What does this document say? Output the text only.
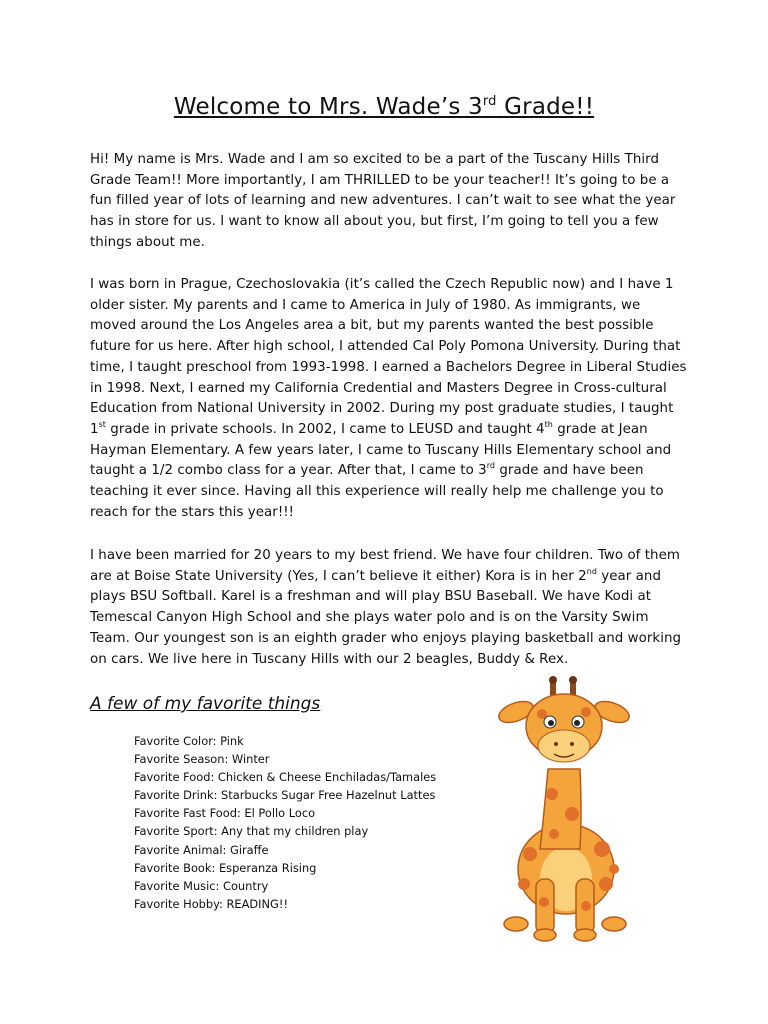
Welcome to Mrs. Wade’s 3rd Grade!!

Hi! My name is Mrs. Wade and I am so excited to be a part of the Tuscany Hills Third Grade Team!! More importantly, I am THRILLED to be your teacher!! It’s going to be a fun filled year of lots of learning and new adventures. I can’t wait to see what the year has in store for us. I want to know all about you, but first, I’m going to tell you a few things about me.

I was born in Prague, Czechoslovakia (it’s called the Czech Republic now) and I have 1 older sister. My parents and I came to America in July of 1980. As immigrants, we moved around the Los Angeles area a bit, but my parents wanted the best possible future for us here. After high school, I attended Cal Poly Pomona University. During that time, I taught preschool from 1993-1998. I earned a Bachelors Degree in Liberal Studies in 1998. Next, I earned my California Credential and Masters Degree in Cross-cultural Education from National University in 2002. During my post graduate studies, I taught 1st grade in private schools. In 2002, I came to LEUSD and taught 4th grade at Jean Hayman Elementary. A few years later, I came to Tuscany Hills Elementary school and taught a 1/2 combo class for a year. After that, I came to 3rd grade and have been teaching it ever since. Having all this experience will really help me challenge you to reach for the stars this year!!!

I have been married for 20 years to my best friend. We have four children. Two of them are at Boise State University (Yes, I can’t believe it either) Kora is in her 2nd year and plays BSU Softball. Karel is a freshman and will play BSU Baseball. We have Kodi at Temescal Canyon High School and she plays water polo and is on the Varsity Swim Team. Our youngest son is an eighth grader who enjoys playing basketball and working on cars. We live here in Tuscany Hills with our 2 beagles, Buddy & Rex.

A few of my favorite things
Favorite Color: Pink
Favorite Season: Winter
Favorite Food: Chicken & Cheese Enchiladas/Tamales
Favorite Drink: Starbucks Sugar Free Hazelnut Lattes
Favorite Fast Food: El Pollo Loco
Favorite Sport: Any that my children play
Favorite Animal: Giraffe
Favorite Book: Esperanza Rising
Favorite Music: Country
Favorite Hobby: READING!!
